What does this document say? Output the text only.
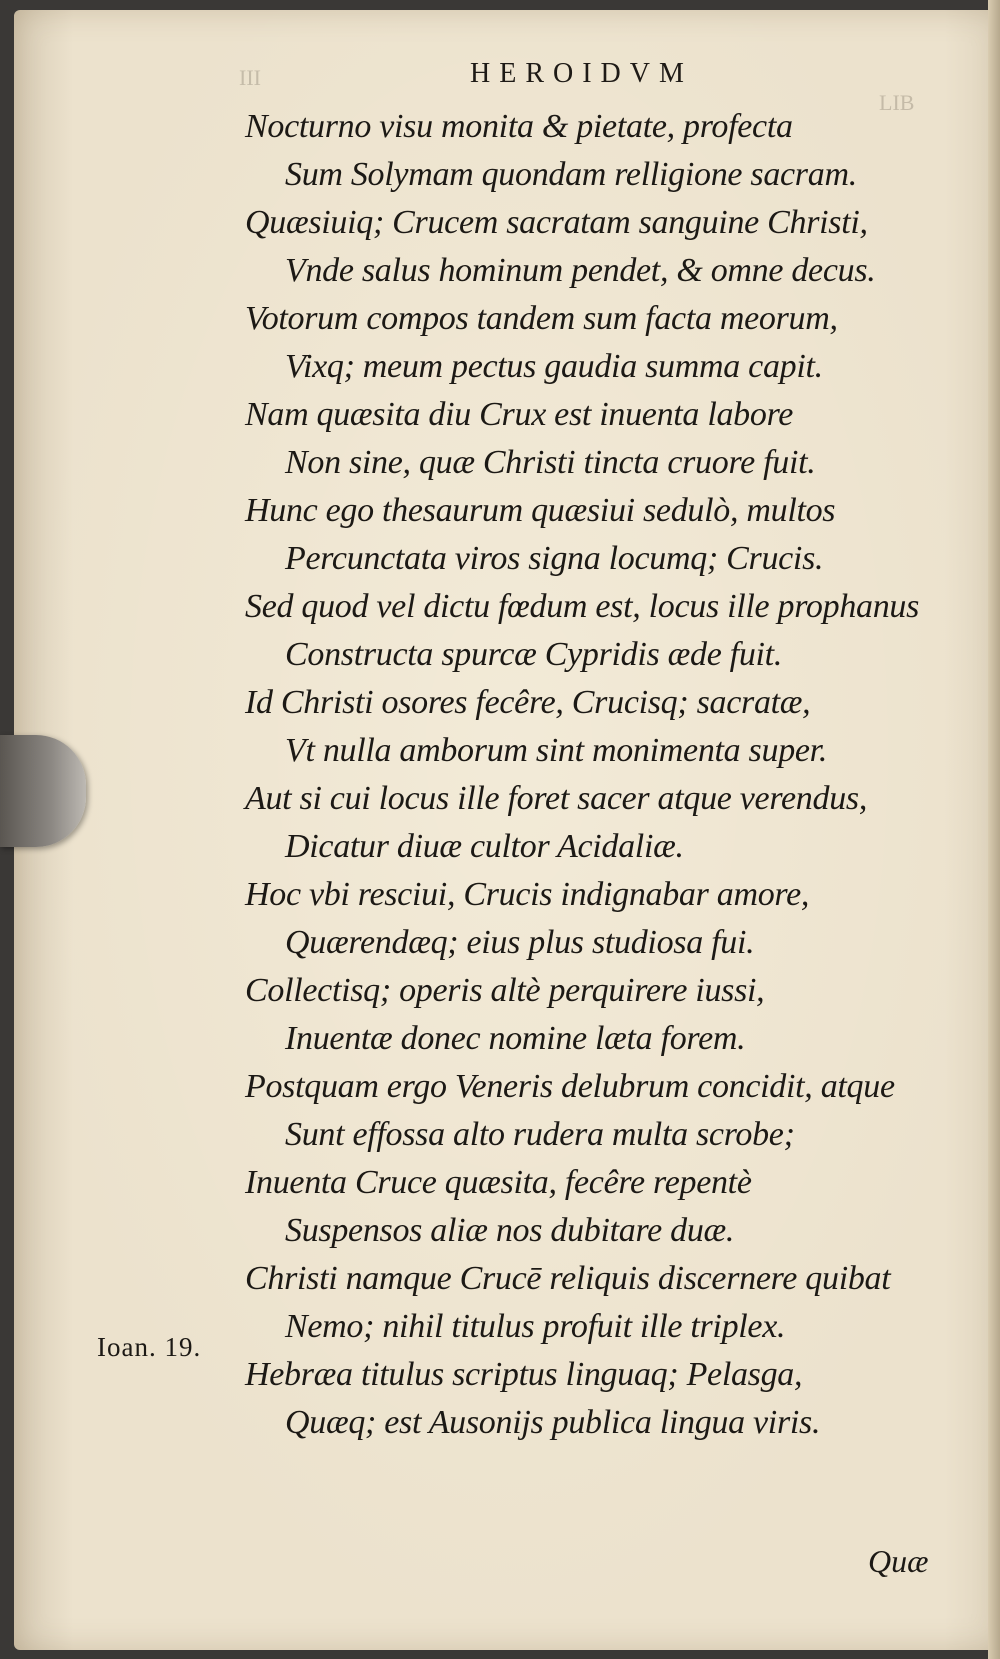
III
LIB
HEROIDVM
Nocturno visu monita & pietate, profecta
Sum Solymam quondam relligione sacram.
Quæsiuiq; Crucem sacratam sanguine Christi,
Vnde salus hominum pendet, & omne decus.
Votorum compos tandem sum facta meorum,
Vixq; meum pectus gaudia summa capit.
Nam quæsita diu Crux est inuenta labore
Non sine, quæ Christi tincta cruore fuit.
Hunc ego thesaurum quæsiui sedulò, multos
Percunctata viros signa locumq; Crucis.
Sed quod vel dictu fœdum est, locus ille prophanus
Constructa spurcæ Cypridis æde fuit.
Id Christi osores fecêre, Crucisq; sacratæ,
Vt nulla amborum sint monimenta super.
Aut si cui locus ille foret sacer atque verendus,
Dicatur diuæ cultor Acidaliæ.
Hoc vbi resciui, Crucis indignabar amore,
Quærendæq; eius plus studiosa fui.
Collectisq; operis altè perquirere iussi,
Inuentæ donec nomine læta forem.
Postquam ergo Veneris delubrum concidit, atque
Sunt effossa alto rudera multa scrobe;
Inuenta Cruce quæsita, fecêre repentè
Suspensos aliæ nos dubitare duæ.
Christi namque Crucē reliquis discernere quibat
Nemo; nihil titulus profuit ille triplex.
Hebræa titulus scriptus linguaq; Pelasga,
Quæq; est Ausonijs publica lingua viris.
Ioan. 19.
Quæ
